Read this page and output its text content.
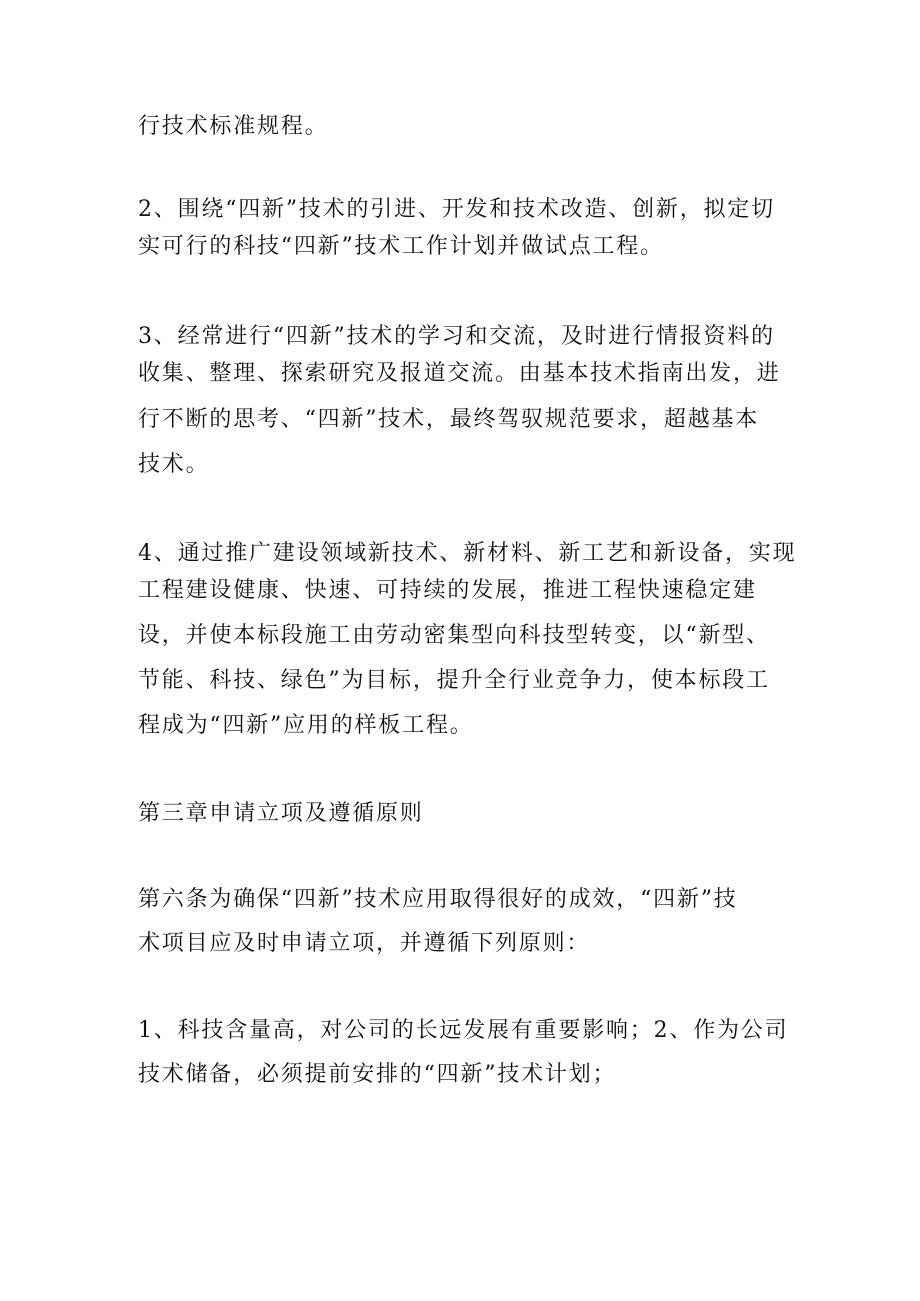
行技术标准规程。
2、围绕“四新”技术的引进、开发和技术改造、创新，拟定切
实可行的科技“四新”技术工作计划并做试点工程。
3、经常进行“四新”技术的学习和交流，及时进行情报资料的
收集、整理、探索研究及报道交流。由基本技术指南出发，进
行不断的思考、“四新”技术，最终驾驭规范要求，超越基本
技术。
4、通过推广建设领域新技术、新材料、新工艺和新设备，实现
工程建设健康、快速、可持续的发展，推进工程快速稳定建
设，并使本标段施工由劳动密集型向科技型转变，以“新型、
节能、科技、绿色”为目标，提升全行业竞争力，使本标段工
程成为“四新”应用的样板工程。
第三章申请立项及遵循原则
第六条为确保“四新”技术应用取得很好的成效，“四新”技
术项目应及时申请立项，并遵循下列原则：
1、科技含量高，对公司的长远发展有重要影响；2、作为公司
技术储备，必须提前安排的“四新”技术计划；
